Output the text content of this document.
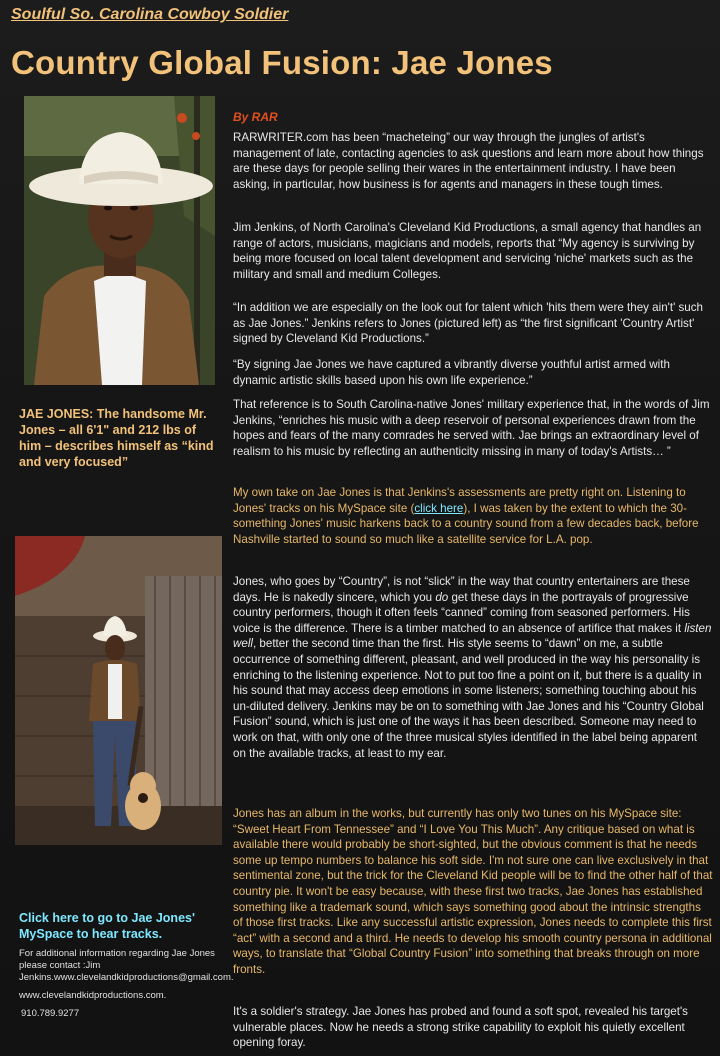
Soulful So. Carolina Cowboy Soldier
Country Global Fusion: Jae Jones
JAE JONES: The handsome Mr. Jones – all 6'1" and 212 lbs of him – describes himself as “kind and very focused”
Click here to go to Jae Jones' MySpace to hear tracks.

For additional information regarding Jae Jones please contact :Jim Jenkins.www.clevelandkidproductions@gmail.com.

www.clevelandkidproductions.com.

910.789.9277

By RAR

RARWRITER.com has been “macheteing” our way through the jungles of artist's management of late, contacting agencies to ask questions and learn more about how things are these days for people selling their wares in the entertainment industry. I have been asking, in particular, how business is for agents and managers in these tough times.

Jim Jenkins, of North Carolina's Cleveland Kid Productions, a small agency that handles an range of actors, musicians, magicians and models, reports that “My agency is surviving by being more focused on local talent development and servicing 'niche' markets such as the military and small and medium Colleges.

“In addition we are especially on the look out for talent which 'hits them were they ain't' such as Jae Jones.” Jenkins refers to Jones (pictured left) as “the first significant 'Country Artist' signed by Cleveland Kid Productions.”

“By signing Jae Jones we have captured a vibrantly diverse youthful artist armed with dynamic artistic skills based upon his own life experience.”

That reference is to South Carolina-native Jones' military experience that, in the words of Jim Jenkins, “enriches his music with a deep reservoir of personal experiences drawn from the hopes and fears of the many comrades he served with. Jae brings an extraordinary level of realism to his music by reflecting an authenticity missing in many of today's Artists… ”

My own take on Jae Jones is that Jenkins's assessments are pretty right on. Listening to Jones' tracks on his MySpace site (click here), I was taken by the extent to which the 30-something Jones' music harkens back to a country sound from a few decades back, before Nashville started to sound so much like a satellite service for L.A. pop.

Jones, who goes by “Country”, is not “slick” in the way that country entertainers are these days. He is nakedly sincere, which you do get these days in the portrayals of progressive country performers, though it often feels “canned” coming from seasoned performers. His voice is the difference. There is a timber matched to an absence of artifice that makes it listen well, better the second time than the first. His style seems to “dawn” on me, a subtle occurrence of something different, pleasant, and well produced in the way his personality is enriching to the listening experience. Not to put too fine a point on it, but there is a quality in his sound that may access deep emotions in some listeners; something touching about his un-diluted delivery. Jenkins may be on to something with Jae Jones and his “Country Global Fusion” sound, which is just one of the ways it has been described. Someone may need to work on that, with only one of the three musical styles identified in the label being apparent on the available tracks, at least to my ear.

Jones has an album in the works, but currently has only two tunes on his MySpace site: “Sweet Heart From Tennessee” and “I Love You This Much”. Any critique based on what is available there would probably be short-sighted, but the obvious comment is that he needs some up tempo numbers to balance his soft side. I'm not sure one can live exclusively in that sentimental zone, but the trick for the Cleveland Kid people will be to find the other half of that country pie. It won't be easy because, with these first two tracks, Jae Jones has established something like a trademark sound, which says something good about the intrinsic strengths of those first tracks. Like any successful artistic expression, Jones needs to complete this first “act” with a second and a third. He needs to develop his smooth country persona in additional ways, to translate that “Global Country Fusion” into something that breaks through on more fronts.

It's a soldier's strategy. Jae Jones has probed and found a soft spot, revealed his target's vulnerable places. Now he needs a strong strike capability to exploit his quietly excellent opening foray.
